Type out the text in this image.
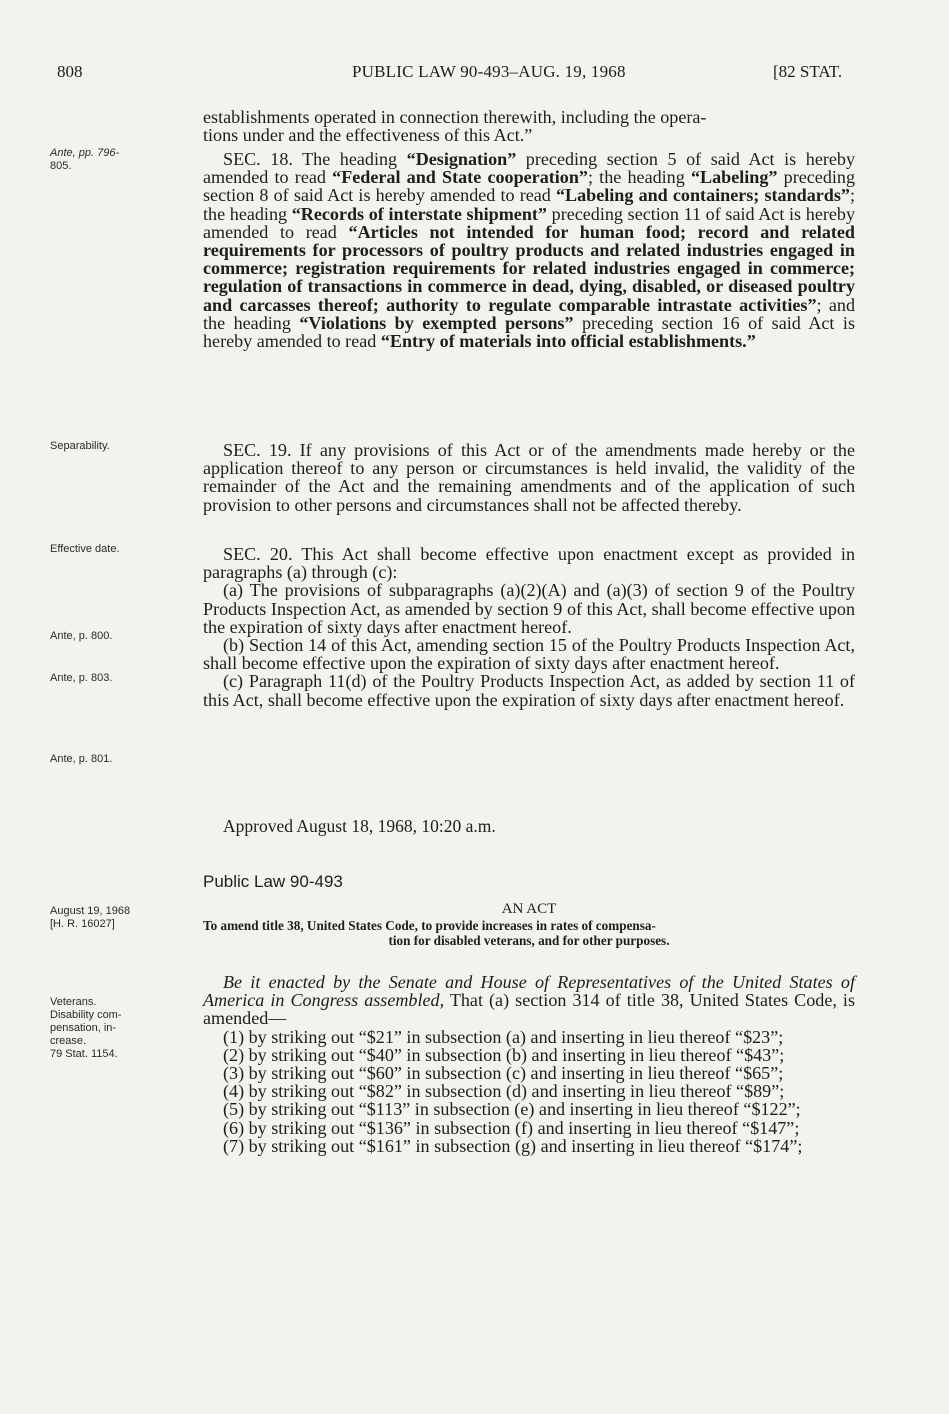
808	PUBLIC LAW 90-493–AUG. 19, 1968	[82 STAT.
Ante, pp. 796-
805.
Separability.
Effective date.
Ante, p. 800.
Ante, p. 803.
Ante, p. 801.
August 19, 1968
[H. R. 16027]
Veterans.
Disability com-
pensation, in-
crease.
79 Stat. 1154.

establishments operated in connection therewith, including the opera-
tions under and the effectiveness of this Act.”

SEC. 18. The heading “Designation” preceding section 5 of said Act is hereby amended to read “Federal and State cooperation”; the heading “Labeling” preceding section 8 of said Act is hereby amended to read “Labeling and containers; standards”; the heading “Records of interstate shipment” preceding section 11 of said Act is hereby amended to read “Articles not intended for human food; record and related requirements for processors of poultry products and related industries engaged in commerce; registration requirements for related industries engaged in commerce; regulation of transactions in commerce in dead, dying, disabled, or diseased poultry and carcasses thereof; authority to regulate comparable intrastate activities”; and the heading “Violations by exempted persons” preceding section 16 of said Act is hereby amended to read “Entry of materials into official establishments.”

SEC. 19. If any provisions of this Act or of the amendments made hereby or the application thereof to any person or circumstances is held invalid, the validity of the remainder of the Act and the remaining amendments and of the application of such provision to other persons and circumstances shall not be affected thereby.

SEC. 20. This Act shall become effective upon enactment except as provided in paragraphs (a) through (c):

(a) The provisions of subparagraphs (a)(2)(A) and (a)(3) of section 9 of the Poultry Products Inspection Act, as amended by section 9 of this Act, shall become effective upon the expiration of sixty days after enactment hereof.

(b) Section 14 of this Act, amending section 15 of the Poultry Products Inspection Act, shall become effective upon the expiration of sixty days after enactment hereof.

(c) Paragraph 11(d) of the Poultry Products Inspection Act, as added by section 11 of this Act, shall become effective upon the expiration of sixty days after enactment hereof.

Approved August 18, 1968, 10:20 a.m.
Public Law 90-493
AN ACT
To amend title 38, United States Code, to provide increases in rates of compensa-
tion for disabled veterans, and for other purposes.

Be it enacted by the Senate and House of Representatives of the United States of America in Congress assembled, That (a) section 314 of title 38, United States Code, is amended—

(1) by striking out “$21” in subsection (a) and inserting in lieu thereof “$23”;

(2) by striking out “$40” in subsection (b) and inserting in lieu thereof “$43”;

(3) by striking out “$60” in subsection (c) and inserting in lieu thereof “$65”;

(4) by striking out “$82” in subsection (d) and inserting in lieu thereof “$89”;

(5) by striking out “$113” in subsection (e) and inserting in lieu thereof “$122”;

(6) by striking out “$136” in subsection (f) and inserting in lieu thereof “$147”;

(7) by striking out “$161” in subsection (g) and inserting in lieu thereof “$174”;
